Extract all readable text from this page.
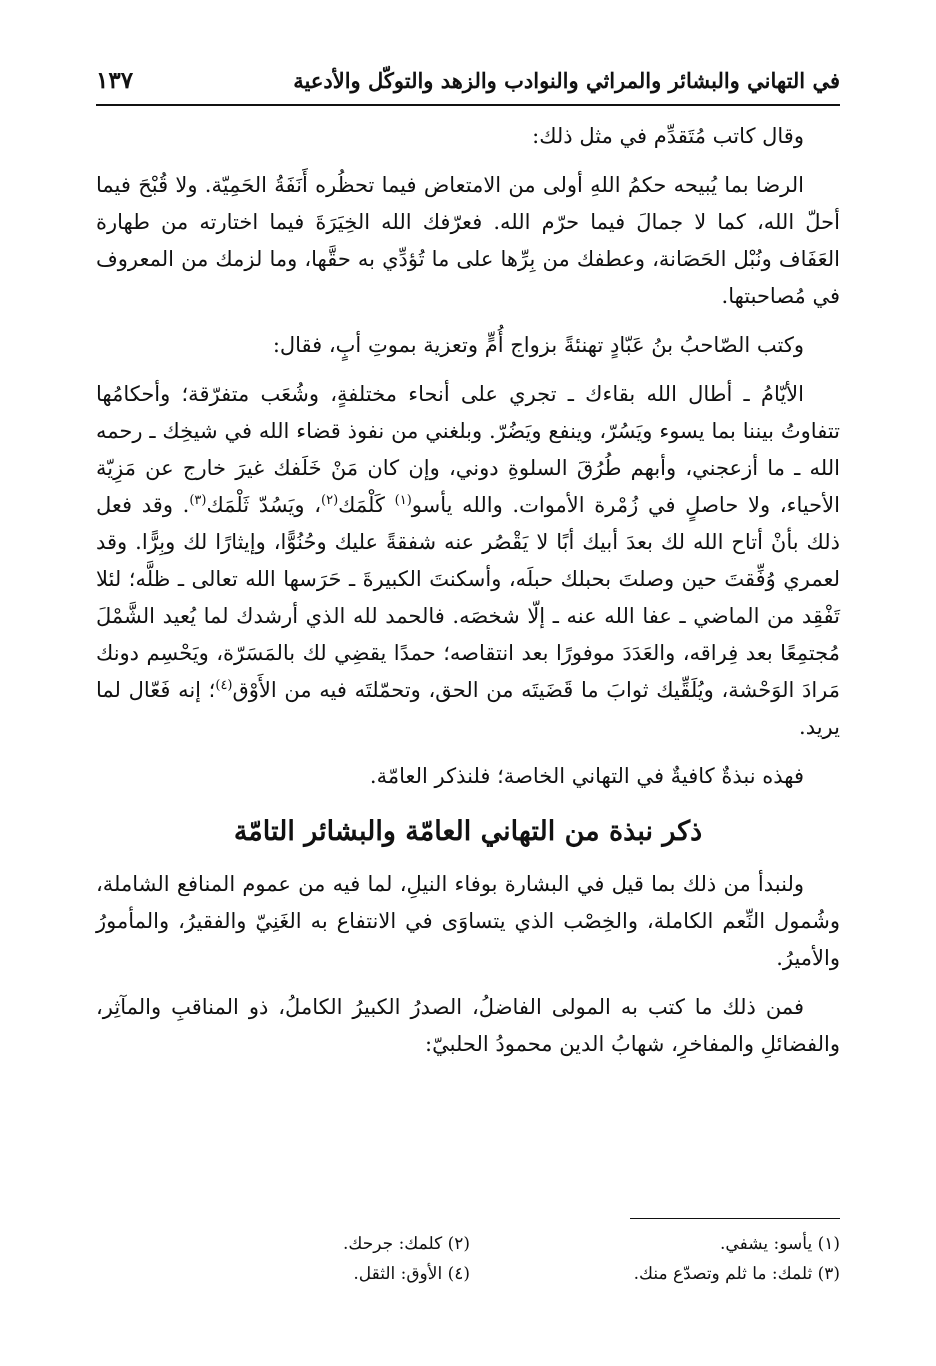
في التهاني والبشائر والمراثي والنوادب والزهد والتوكّل والأدعية
١٣٧

وقال كاتب مُتَقدِّم في مثل ذلك:

الرضا بما يُبيحه حكمُ اللهِ أولى من الامتعاض فيما تحظُره أَنَفَةُ الحَمِيّة. ولا قُبْحَ فيما أحلّ الله، كما لا جمالَ فيما حرّم الله. فعرّفك الله الخِيَرَةَ فيما اختارته من طهارة العَفَاف ونُبْل الحَصَانة، وعطفك من بِرِّها على ما تُؤدِّي به حقَّها، وما لزمك من المعروف في مُصاحبتها.

وكتب الصّاحبُ بنُ عَبّادٍ تهنئةً بزواج أُمٍّ وتعزية بموتِ أبٍ، فقال:

الأيّامُ ـ أطال الله بقاءك ـ تجري على أنحاء مختلفةٍ، وشُعَب متفرّقة؛ وأحكامُها تتفاوتُ بيننا بما يسوء ويَسُرّ، وينفع ويَضُرّ. وبلغني من نفوذ قضاء الله في شيخِك ـ رحمه الله ـ ما أزعجني، وأبهم طُرُقَ السلوةِ دوني، وإن كان مَنْ خَلَفك غيرَ خارج عن مَزِيّة الأحياء، ولا حاصلٍ في زُمْرة الأموات. والله يأسو$^{(١)}$ كَلْمَك$^{(٢)}$، ويَسُدّ ثَلْمَك$^{(٣)}$. وقد فعل ذلك بأنْ أتاح الله لك بعدَ أبيك أبًا لا يَقْصُر عنه شفقةً عليك وحُنُوًّا، وإيثارًا لك وبِرًّا. وقد لعمري وُفِّقتَ حين وصلتَ بحبلك حبلَه، وأسكنتَ الكبيرةَ ـ حَرَسها الله تعالى ـ ظلَّه؛ لئلا تَفْقِد من الماضي ـ عفا الله عنه ـ إلّا شخصَه. فالحمد لله الذي أرشدك لما يُعيد الشَّمْلَ مُجتمِعًا بعد فِراقه، والعَدَدَ موفورًا بعد انتقاصه؛ حمدًا يقضِي لك بالمَسَرّة، ويَحْسِم دونك مَرادَ الوَحْشة، ويُلَقِّيك ثوابَ ما قَضَيتَه من الحق، وتحمّلتَه فيه من الأَوْق$^{(٤)}$؛ إنه فَعّال لما يريد.

فهذه نبذةٌ كافيةٌ في التهاني الخاصة؛ فلنذكر العامّة.

ذكر نبذة من التهاني العامّة والبشائر التامّة

ولنبدأ من ذلك بما قيل في البشارة بوفاء النيلِ، لما فيه من عموم المنافع الشاملة، وشُمول النِّعم الكاملة، والخِصْب الذي يتساوَى في الانتفاع به الغَنِيّ والفقيرُ، والمأمورُ والأميرُ.

فمن ذلك ما كتب به المولى الفاضلُ، الصدرُ الكبيرُ الكاملُ، ذو المناقبِ والمآثِر، والفضائلِ والمفاخرِ، شهابُ الدين محمودُ الحلبيّ:

(١) يأسو: يشفي.
(٢) كلمك: جرحك.
(٣) ثلمك: ما ثلم وتصدّع منك.
(٤) الأوق: الثقل.
